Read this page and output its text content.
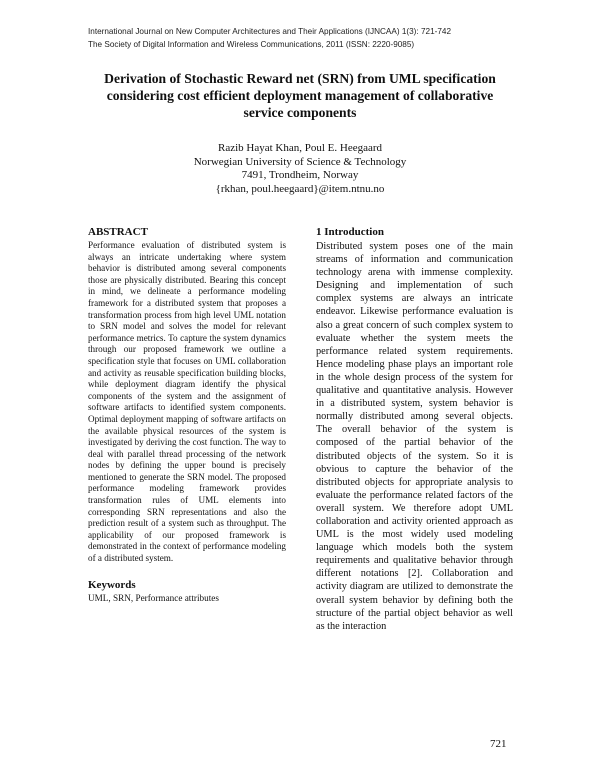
International Journal on New Computer Architectures and Their Applications (IJNCAA) 1(3): 721-742
The Society of Digital Information and Wireless Communications, 2011 (ISSN: 2220-9085)
Derivation of Stochastic Reward net (SRN) from UML specification
considering cost efficient deployment management of collaborative
service components
Razib Hayat Khan, Poul E. Heegaard
Norwegian University of Science & Technology
7491, Trondheim, Norway
{rkhan, poul.heegaard}@item.ntnu.no
ABSTRACT

Performance evaluation of distributed system is always an intricate undertaking where system behavior is distributed among several components those are physically distributed. Bearing this concept in mind, we delineate a performance modeling framework for a distributed system that proposes a transformation process from high level UML notation to SRN model and solves the model for relevant performance metrics. To capture the system dynamics through our proposed framework we outline a specification style that focuses on UML collaboration and activity as reusable specification building blocks, while deployment diagram identify the physical components of the system and the assignment of software artifacts to identified system components. Optimal deployment mapping of software artifacts on the available physical resources of the system is investigated by deriving the cost function. The way to deal with parallel thread processing of the network nodes by defining the upper bound is precisely mentioned to generate the SRN model. The proposed performance modeling framework provides transformation rules of UML elements into corresponding SRN representations and also the prediction result of a system such as throughput. The applicability of our proposed framework is demonstrated in the context of performance modeling of a distributed system.

Keywords

UML, SRN, Performance attributes

1 Introduction

Distributed system poses one of the main streams of information and communication technology arena with immense complexity. Designing and implementation of such complex systems are always an intricate endeavor. Likewise performance evaluation is also a great concern of such complex system to evaluate whether the system meets the performance related system requirements. Hence modeling phase plays an important role in the whole design process of the system for qualitative and quantitative analysis. However in a distributed system, system behavior is normally distributed among several objects. The overall behavior of the system is composed of the partial behavior of the distributed objects of the system. So it is obvious to capture the behavior of the distributed objects for appropriate analysis to evaluate the performance related factors of the overall system. We therefore adopt UML collaboration and activity oriented approach as UML is the most widely used modeling language which models both the system requirements and qualitative behavior through different notations [2]. Collaboration and activity diagram are utilized to demonstrate the overall system behavior by defining both the structure of the partial object behavior as well as the interaction

721
